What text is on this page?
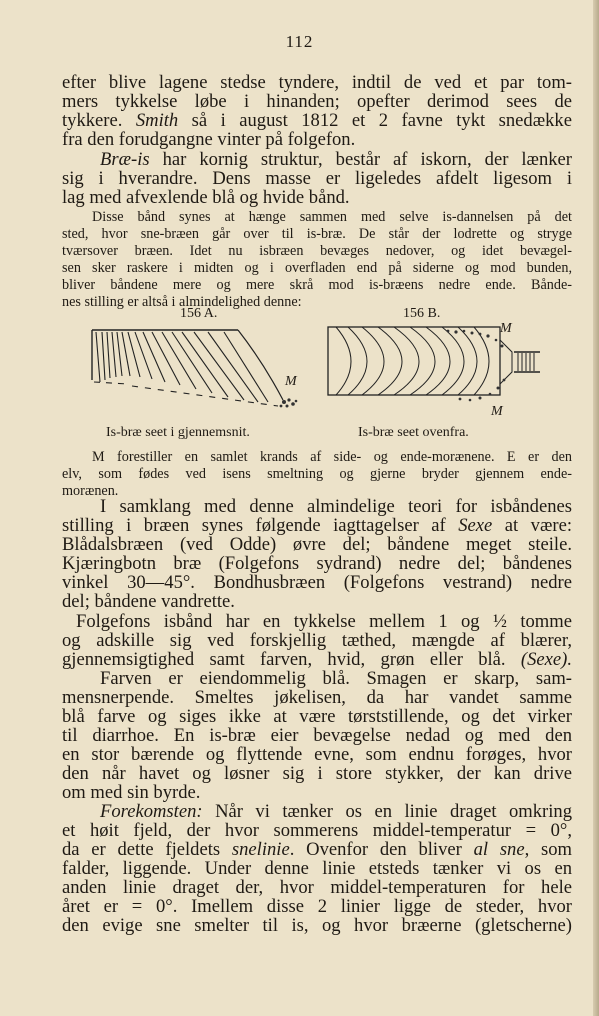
112
efter blive lagene stedse tyndere, indtil de ved et par tom-
mers tykkelse løbe i hinanden; opefter derimod sees de
tykkere. Smith så i august 1812 et 2 favne tykt snedække
fra den forudgangne vinter på folgefon.
Bræ-is har kornig struktur, består af iskorn, der lænker
sig i hverandre. Dens masse er ligeledes afdelt ligesom i
lag med afvexlende blå og hvide bånd.
Disse bånd synes at hænge sammen med selve is-dannelsen på det
sted, hvor sne-bræen går over til is-bræ. De står der lodrette og stryge
tværsover bræen. Idet nu isbræen bevæges nedover, og idet bevægel-
sen sker raskere i midten og i overfladen end på siderne og mod bunden,
bliver båndene mere og mere skrå mod is-bræens nedre ende. Bånde-
nes stilling er altså i almindelighed denne:
156 A.	156 B.
M
M
M
Is-bræ seet i gjennemsnit.	Is-bræ seet ovenfra.
M forestiller en samlet krands af side- og ende-morænene. E er den
elv, som fødes ved isens smeltning og gjerne bryder gjennem ende-
morænen.
I samklang med denne almindelige teori for isbåndenes
stilling i bræen synes følgende iagttagelser af Sexe at være:
Blådalsbræen (ved Odde) øvre del; båndene meget steile.
Kjæringbotn bræ (Folgefons sydrand) nedre del; båndenes
vinkel 30—45°. Bondhusbræen (Folgefons vestrand) nedre
del; båndene vandrette.
Folgefons isbånd har en tykkelse mellem 1 og ½ tomme
og adskille sig ved forskjellig tæthed, mængde af blærer,
gjennemsigtighed samt farven, hvid, grøn eller blå. (Sexe).
Farven er eiendommelig blå. Smagen er skarp, sam-
mensnerpende. Smeltes jøkelisen, da har vandet samme
blå farve og siges ikke at være tørststillende, og det virker
til diarrhoe. En is-bræ eier bevægelse nedad og med den
en stor bærende og flyttende evne, som endnu forøges, hvor
den når havet og løsner sig i store stykker, der kan drive
om med sin byrde.
Forekomsten: Når vi tænker os en linie draget omkring
et høit fjeld, der hvor sommerens middel-temperatur = 0°,
da er dette fjeldets snelinie. Ovenfor den bliver al sne, som
falder, liggende. Under denne linie etsteds tænker vi os en
anden linie draget der, hvor middel-temperaturen for hele
året er = 0°. Imellem disse 2 linier ligge de steder, hvor
den evige sne smelter til is, og hvor bræerne (gletscherne)
